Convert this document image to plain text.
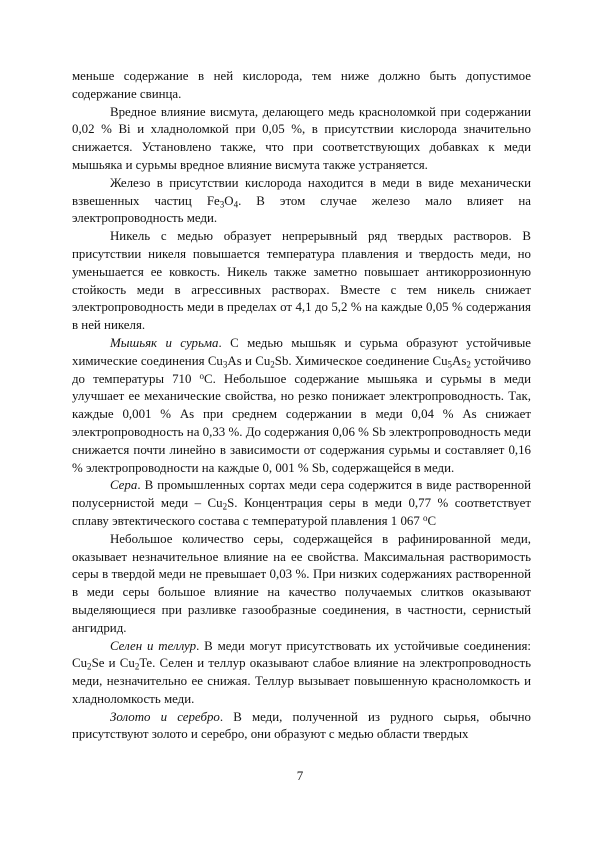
меньше содержание в ней кислорода, тем ниже должно быть допустимое содержание свинца.

Вредное влияние висмута, делающего медь красноломкой при содержании 0,02 % Bi и хладноломкой при 0,05 %, в присутствии кислорода значительно снижается. Установлено также, что при соответствующих добавках к меди мышьяка и сурьмы вредное влияние висмута также устраняется.

Железо в присутствии кислорода находится в меди в виде механически взвешенных частиц $Fe_3O_4$. В этом случае железо мало влияет на электропроводность меди.

Никель с медью образует непрерывный ряд твердых растворов. В присутствии никеля повышается температура плавления и твердость меди, но уменьшается ее ковкость. Никель также заметно повышает антикоррозионную стойкость меди в агрессивных растворах. Вместе с тем никель снижает электропроводность меди в пределах от 4,1 до 5,2 % на каждые 0,05 % содержания в ней никеля.

Мышьяк и сурьма. С медью мышьяк и сурьма образуют устойчивые химические соединения $Cu_3As$ и $Cu_2Sb$. Химическое соединение $Cu_5As_2$ устойчиво до температуры 710 $^o$С. Небольшое содержание мышьяка и сурьмы в меди улучшает ее механические свойства, но резко понижает электропроводность. Так, каждые 0,001 % As при среднем содержании в меди 0,04 % As снижает электропроводность на 0,33 %. До содержания 0,06 % Sb электропроводность меди снижается почти линейно в зависимости от содержания сурьмы и составляет 0,16 % электропроводности на каждые 0, 001 % Sb, содержащейся в меди.

Сера. В промышленных сортах меди сера содержится в виде растворенной полусернистой меди – $Cu_2S$. Концентрация серы в меди 0,77 % соответствует сплаву эвтектического состава с температурой плавления 1 067 $^o$С

Небольшое количество серы, содержащейся в рафинированной меди, оказывает незначительное влияние на ее свойства. Максимальная растворимость серы в твердой меди не превышает 0,03 %. При низких содержаниях растворенной в меди серы большое влияние на качество получаемых слитков оказывают выделяющиеся при разливке газообразные соединения, в частности, сернистый ангидрид.

Селен и теллур. В меди могут присутствовать их устойчивые соединения: $Cu_2Se$ и $Cu_2Te$. Селен и теллур оказывают слабое влияние на электропроводность меди, незначительно ее снижая. Теллур вызывает повышенную красноломкость и хладноломкость меди.

Золото и серебро. В меди, полученной из рудного сырья, обычно присутствуют золото и серебро, они образуют с медью области твердых

7
